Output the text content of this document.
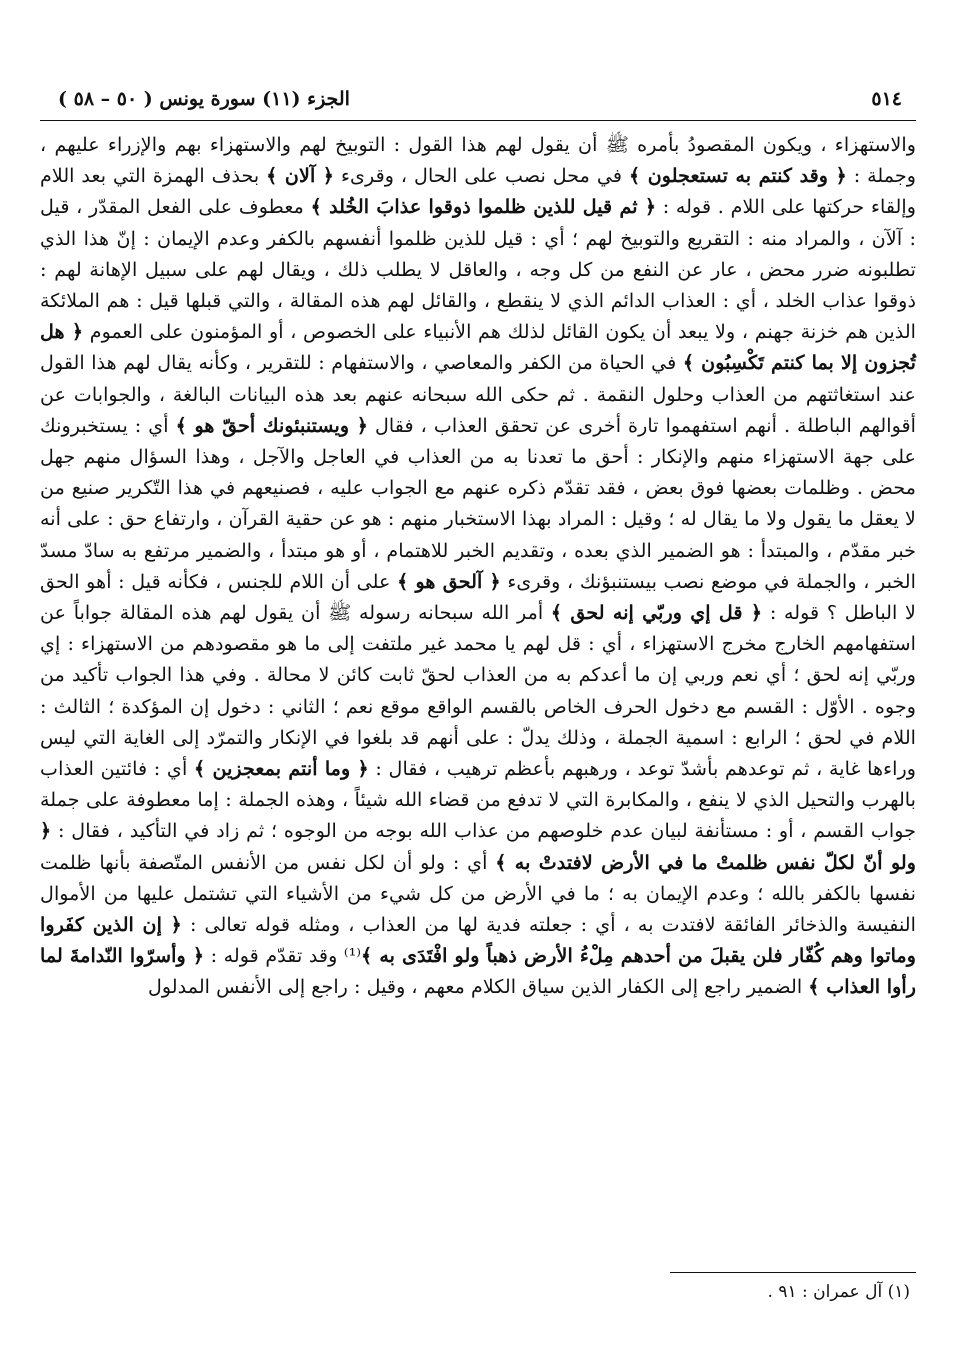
٥١٤
الجزء (١١) سورة يونس ( ٥٠ – ٥٨ )

والاستهزاء ، ويكون المقصودُ بأمره ﷺ أن يقول لهم هذا القول : التوبيخ لهم والاستهزاء بهم والإزراء عليهم ، وجملة : ﴿ وقد كنتم به تستعجلون ﴾ في محل نصب على الحال ، وقرىء ﴿ آلان ﴾ بحذف الهمزة التي بعد اللام وإلقاء حركتها على اللام . قوله : ﴿ ثم قيل للذين ظلموا ذوقوا عذابَ الخُلد ﴾ معطوف على الفعل المقدّر ، قيل : آلآن ، والمراد منه : التقريع والتوبيخ لهم ؛ أي : قيل للذين ظلموا أنفسهم بالكفر وعدم الإيمان : إنّ هذا الذي تطلبونه ضرر محض ، عار عن النفع من كل وجه ، والعاقل لا يطلب ذلك ، ويقال لهم على سبيل الإهانة لهم : ذوقوا عذاب الخلد ، أي : العذاب الدائم الذي لا ينقطع ، والقائل لهم هذه المقالة ، والتي قبلها قيل : هم الملائكة الذين هم خزنة جهنم ، ولا يبعد أن يكون القائل لذلك هم الأنبياء على الخصوص ، أو المؤمنون على العموم ﴿ هل تُجزون إلا بما كنتم تَكْسِبُون ﴾ في الحياة من الكفر والمعاصي ، والاستفهام : للتقرير ، وكأنه يقال لهم هذا القول عند استغاثتهم من العذاب وحلول النقمة . ثم حكى الله سبحانه عنهم بعد هذه البيانات البالغة ، والجوابات عن أقوالهم الباطلة . أنهم استفهموا تارة أخرى عن تحقق العذاب ، فقال ﴿ ويستنبئونك أحقّ هو ﴾ أي : يستخبرونك على جهة الاستهزاء منهم والإنكار : أحق ما تعدنا به من العذاب في العاجل والآجل ، وهذا السؤال منهم جهل محض . وظلمات بعضها فوق بعض ، فقد تقدّم ذكره عنهم مع الجواب عليه ، فصنيعهم في هذا التّكرير صنيع من لا يعقل ما يقول ولا ما يقال له ؛ وقيل : المراد بهذا الاستخبار منهم : هو عن حقية القرآن ، وارتفاع حق : على أنه خبر مقدّم ، والمبتدأ : هو الضمير الذي بعده ، وتقديم الخبر للاهتمام ، أو هو مبتدأ ، والضمير مرتفع به سادّ مسدّ الخبر ، والجملة في موضع نصب بيستنبؤنك ، وقرىء ﴿ آلحق هو ﴾ على أن اللام للجنس ، فكأنه قيل : أهو الحق لا الباطل ؟ قوله : ﴿ قل إي وربّي إنه لحق ﴾ أمر الله سبحانه رسوله ﷺ أن يقول لهم هذه المقالة جواباً عن استفهامهم الخارج مخرج الاستهزاء ، أي : قل لهم يا محمد غير ملتفت إلى ما هو مقصودهم من الاستهزاء : إي وربّي إنه لحق ؛ أي نعم وربي إن ما أعدكم به من العذاب لحقّ ثابت كائن لا محالة . وفي هذا الجواب تأكيد من وجوه . الأوّل : القسم مع دخول الحرف الخاص بالقسم الواقع موقع نعم ؛ الثاني : دخول إن المؤكدة ؛ الثالث : اللام في لحق ؛ الرابع : اسمية الجملة ، وذلك يدلّ : على أنهم قد بلغوا في الإنكار والتمرّد إلى الغاية التي ليس وراءها غاية ، ثم توعدهم بأشدّ توعد ، ورهبهم بأعظم ترهيب ، فقال : ﴿ وما أنتم بمعجزين ﴾ أي : فائتين العذاب بالهرب والتحيل الذي لا ينفع ، والمكابرة التي لا تدفع من قضاء الله شيئاً ، وهذه الجملة : إما معطوفة على جملة جواب القسم ، أو : مستأنفة لبيان عدم خلوصهم من عذاب الله بوجه من الوجوه ؛ ثم زاد في التأكيد ، فقال : ﴿ ولو أنّ لكلّ نفس ظلمتْ ما في الأرض لافتدتْ به ﴾ أي : ولو أن لكل نفس من الأنفس المتّصفة بأنها ظلمت نفسها بالكفر بالله ؛ وعدم الإيمان به ؛ ما في الأرض من كل شيء من الأشياء التي تشتمل عليها من الأموال النفيسة والذخائر الفائقة لافتدت به ، أي : جعلته فدية لها من العذاب ، ومثله قوله تعالى : ﴿ إن الذين كفَروا وماتوا وهم كُفّار فلن يقبلَ من أحدهم مِلْءُ الأرض ذهباً ولو افْتَدَى به ﴾⁽¹⁾ وقد تقدّم قوله : ﴿ وأسرّوا النّدامةَ لما رأوا العذاب ﴾ الضمير راجع إلى الكفار الذين سياق الكلام معهم ، وقيل : راجع إلى الأنفس المدلول

(١) آل عمران : ٩١ .
